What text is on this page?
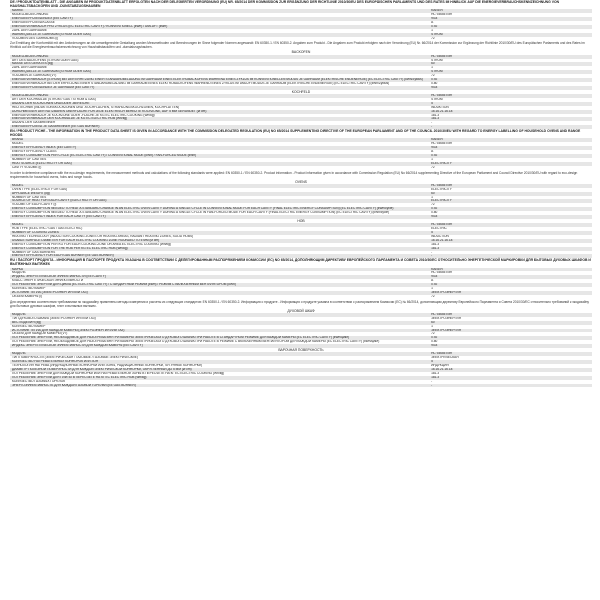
DE / PRODUKTDATENBLATT - DIE ANGABEN IM PRODUKTDATENBLATT ERFOLGTEN NACH DER DELEGIERTEN VERORDNUNG (EU) NR. 65/2014 DER KOMMISSION ZUR ERGÄNZUNG DER RICHTLINIE 2010/30/EU DES EUROPÄISCHEN PARLAMENTS UND DES RATES IM HINBLICK AUF DIE ENERGIEVERBRAUCHSKENNZEICHNUNG VON HAUSHALTSBACKÖFEN UND -DUNSTABZUGSHAUBEN
MARKE	KAISER
MODELLBEZEICHNUNG	HC 93655 EIm
ENERGIEEFFIZIENZINDEX (EEI CAVITY)	94.8
ENERGIEEFFIZIENZKLASSE	A
ENERGIEVERBRAUCH PRO ZYKLUS (EC ELECTRIC CAVITY) / KONVENTIONELL (kWh) / UMLUFT (kWh)	0.92
ZAHL DER GARRÄUME	1
WÄRMEQUELLE JE GARRAUM (STROM ODER GAS)	STROM
VOLUMEN DES GARRAUMS (l)	72
Zur Ermittlung der Konformität mit den Anforderungen an die umweltgerechte Gestaltung wurden Messmethoden und Berechnungen im Sinne folgender Normen angewandt: EN 60350-1 / EN 60350-2. Angaben zum Produkt - Die Angaben zum Produkt erfolgten nach der Verordnung (EU) Nr. 66/2014 der Kommission zur Ergänzung der Richtlinie 2010/30/EU des Europäischen Parlaments und des Rates im Hinblick auf die Energieverbrauchskennzeichnung von Haushaltsbacköfen und -dunstabzugshauben.
BACKOFEN
MODELLBEZEICHNUNG	HC 93655 EIm
ART DES BACKOFENS (STROM ODER GAS)	STROM
MASSE DES GERÄTES (kg)	60
ZAHL DER GARRÄUME	1
WÄRMEQUELLE JE GARRAUM (STROM ODER GAS)	STROM
VOLUMEN JE GARRAUM (V l)	72
ENERGIEVERBRAUCH (STROM) BEI DER ERHITZUNG EINER STANDARDBELADUNG IM GARRAUM EINES ELEKTROBACKOFENS WÄHREND EINES ZYKLUS IM KONVENTIONELLEN MODUS JE GARRAUM (ELEKTRISCHE ENDENERGIE) (EC ELECTRIC CAVITY) (kWh/Zyklus)	0.92
ENERGIEVERBRAUCH BEI DER ERHITZUNG EINER STANDARDBELADUNG IM GARRAUM EINES ELEKTROBACKOFENS WÄHREND EINES ZYKLUS IM UMLUFTMODUS JE GARRAUM (ELEKTRISCHE ENDENERGIE) (EC ELECTRIC CAVITY) (kWh/Zyklus)	0.80
ENERGIEEFFIZIENZINDEX JE GARRAUM (EEI CAVITY)	94.8
KOCHFELD
MODELLBEZEICHNUNG	HC 93655 EIm
ART DER KOCHMULDE (STROM / GAS / STROM & GAS)	STROM
ANZAHL DER KOCHZONEN UND/ODER -BEREICHE	5
HEIZTECHNIK (INDUKTIONSKOCHZONEN UND -KOCHFLÄCHEN, STRAHLUNGSKOCHZONEN, KOCHPLATTEN)	INDUKTION
DURCHMESSER DER NUTZBAREN OBERFLÄCHE FÜR JEDE ELEKTRISCH BEHEIZTE KOCHZONE, AUF 5 MM GERUNDET (Ø cm)	16.16.21.16.18
ENERGIEVERBRAUCH JE KOCHZONE ODER -FLÄCHE JE KG EC ELECTRIC COOKING (Wh/kg)	181.3
ENERGIEVERBRAUCH DER KOCHMULDE JE KG EC ELECTRIC HOB (Wh/kg)	181.3
ANZAHL DER GASBRENNER	-
ENERGIEEFFIZIENZ JE GASBRENNER (EE GAS BURNER)	-
EN / PRODUCT FICHE - THE INFORMATION IN THE PRODUCT DATA SHEET IS GIVEN IN ACCORDANCE WITH THE COMMISSION DELEGATED REGULATION (EU) NO 65/2014 SUPPLEMENTING DIRECTIVE OF THE EUROPEAN PARLIAMENT AND OF THE COUNCIL 2010/30/EU WITH REGARD TO ENERGY LABELLING OF HOUSEHOLD OVENS AND RANGE HOODS
BRAND	KAISER
MODEL	HC 93655 EIm
ENERGY EFFICIENCY INDEX (EEI CAVITY)	94.8
ENERGY EFFICIENCY CLASS	A
ENERGY CONSUMPTION PER CYCLE (EC ELECTRIC CAVITY) / CONVENTIONAL MODE (kWh) / FAN-FORCED MODE (kWh)	0.92
NUMBER OF CAVITIES	1
HEAT SOURCE (ELECTRICITY OR GAS)	ELECTRICITY
CAVITY VOLUME (l)	72
In order to determine compliance with the eco-design requirements, the measurement methods and calculations of the following standards were applied: EN 60350-1 / EN 60350-2. Product information - Product information given in accordance with Commission Regulation (EU) No 66/2014 supplementing Directive of the European Parliament and Council Directive 2010/30/EU with regard to eco-design requirements for household ovens, hobs and range hoods.
OVENS
MODEL	HC 93655 EIm
OVEN TYPE (ELECTRICITY OR GAS)	ELECTRICITY
APPLIANCE WEIGHT (kg)	60
NUMBER OF CAVITIES	1
SOURCE OF HEAT FOR EACH CAVITY (ELECTRICITY OR GAS)	ELECTRICITY
VOLUME OF EACH CAVITY (l)	72
ENERGY CONSUMPTION NEEDED TO HEAT A STANDARD CHANGE IN AN ELECTRIC OVEN CAVITY DURING A SINGLE CYCLE IN CONVENTIONAL MODE FOR EACH CAVITY (FINAL ELECTRIC ENERGY CONSUMPTION) (EC ELECTRIC CAVITY) (kWh/cycle)	0.92
ENERGY CONSUMPTION NEEDED TO HEAT A STANDARD CHANGE IN AN ELECTRIC OVEN CAVITY DURING A SINGLE CYCLE IN FAN-FORCED MODE FOR EACH CAVITY (FINAL ELECTRIC ENERGY CONSUMPTION) (EC ELECTRIC CAVITY) (kWh/cycle)	0.80
ENERGY EFFICIENCY INDEX FOR EACH CAVITY (EEI CAVITY)	94.8
HOB
MODEL	HC 93655 EIm
HOB TYPE (ELECTRIC / GAS / GAS ELECTRIC)	ELECTRIC
NUMBER OF COOKING ZONES	5
HEATING TECHNOLOGY (INDUCTION COOKING ZONES OR HEATING AREAS, RADIANT HEATING ZONES, SOLID HOBS)	INDUCTION
USABLE SURFACE DIAMETER FOR EACH ELECTRIC COOKING ZONE ROUNDED TO 5 MM (Ø cm)	16.16.21.16.18
ENERGY CONSUMPTION PER KG FOR EACH COOKING ZONE OR AREA EC ELECTRIC COOKING (Wh/kg)	181.3
ENERGY CONSUMPTION FOR THE HOB PER KG EC ELECTRIC HOB (Wh/kg)	181.3
NUMBER OF GAS BURNERS	-
ENERGY EFFICIENCY FOR EACH GAS BURNER (EE GAS BURNER)	-
RU / ПАСПОРТ ПРОДУКТА - ИНФОРМАЦИЯ В ПАСПОРТЕ ПРОДУКТА УКАЗАНА В СООТВЕТСТВИИ С ДЕЛЕГИРОВАННЫМ РАСПОРЯЖЕНИЕМ КОМИССИИ (ЕС) NO 65/2014, ДОПОЛНЯЮЩИМ ДИРЕКТИВУ ЕВРОПЕЙСКОГО ПАРЛАМЕНТА И СОВЕТА 2010/30/ЕС ОТНОСИТЕЛЬНО ЭНЕРГЕТИЧЕСКОЙ МАРКИРОВКИ ДЛЯ БЫТОВЫХ ДУХОВЫХ ШКАФОВ И ВЫТЯЖНЫХ ВЫТЯЖЕК
МАРКА	KAISER
МОДЕЛЬ	HC 93655 EIm
ИНДЕКС ЭНЕРГЕТИЧЕСКОЙ ЭФФЕКТИВНОСТИ (EEI CAVITY)	94.8
КЛАСС ЭНЕРГЕТИЧЕСКОЙ ЭФФЕКТИВНОСТИ	A
ПОТРЕБЛЕНИЕ ЭНЕРГИИ ДЛЯ ЦИКЛА (EC ELECTRIC CAVITY) / СТАНДАРТНЫЙ РЕЖИМ (kWh) / РЕЖИМ С ВКЛЮЧЕННЫМ ВЕНТИЛЯТОРОМ (kWh)	0.92
КОЛИЧЕСТВО КАМЕР	1
ИСТОЧНИК ТЕПЛА (ЭЛЕКТРОЭНЕРГИЯ ИЛИ ГАЗ)	ЭЛЕКТРОЭНЕРГИЯ
ОБЪЕМ КАМЕРЫ (l)	72
Для определения соответствия требованиям по экодизайну применены методы измерения и расчеты из следующих стандартов: EN 60350-1 / EN 60350-2. Информация о продукте - Информация о продукте указана в соответствии с распоряжением Комиссии (ЕС) № 66/2014, дополняющим директиву Европейского Парламента и Совета 2010/30/ЕС относительно требований к экодизайну для бытовых духовых шкафов, плит и вытяжных вытяжек.
ДУХОВОЙ ШКАФ
МОДЕЛЬ	HC 93655 EIm
ТИП ДУХОВОГО ШКАФА (ЭЛЕКТРОЭНЕРГИЯ ИЛИ ГАЗ)	ЭЛЕКТРОЭНЕРГИЯ
ВЕС ИЗДЕЛИЯ (kg)	60
КОЛИЧЕСТВО КАМЕР	1
ИСТОЧНИК ТЕПЛА ДЛЯ КАЖДОЙ КАМЕРЫ (ЭЛЕКТРОЭНЕРГИЯ ИЛИ ГАЗ)	ЭЛЕКТРОЭНЕРГИЯ
ОБЪЕМ ДЛЯ КАЖДОЙ КАМЕРЫ (V l)	72
ПОТРЕБЛЕНИЕ ЭНЕРГИИ, НЕОБХОДИМОЕ ДЛЯ РАЗОГРЕВА ВНУТРИ КАМЕРЫ ЭЛЕКТРИЧЕСКОГО ДУХОВОГО ШКАФА ПРИ РАБОТЕ В СТАНДАРТНОМ РЕЖИМЕ ДЛЯ КАЖДОЙ КАМЕРЫ (EC ELECTRIC CAVITY) (kWh/цикл)	0.92
ПОТРЕБЛЕНИЕ ЭНЕРГИИ, НЕОБХОДИМОЕ ДЛЯ РАЗОГРЕВА ВНУТРИ КАМЕРЫ ЭЛЕКТРИЧЕСКОГО ДУХОВОГО ШКАФА ПРИ РАБОТЕ В РЕЖИМЕ С ВКЛЮЧЕННЫМ ВЕНТИЛЯТОРОМ ДЛЯ КАЖДОЙ КАМЕРЫ (EC ELECTRIC CAVITY) (kWh/цикл)	0.80
ИНДЕКС ЭНЕРГЕТИЧЕСКОЙ ЭФФЕКТИВНОСТИ ДЛЯ КАЖДОЙ КАМЕРЫ (EEI CAVITY)	94.8
ВАРОЧНАЯ ПОВЕРХНОСТЬ
МОДЕЛЬ	HC 93655 EIm
ТИП ПОВЕРХНОСТИ (ЭЛЕКТРИЧЕСКАЯ / ГАЗОВЫЕ / ГАЗОВЫЕ ЭЛЕКТРИЧЕСКИЕ)	ЭЛЕКТРИЧЕСКАЯ
КОЛИЧЕСТВО НАГРЕВАТЕЛЬНЫХ КОНФОРОК ИЛИ ЗОН	5
ТЕХНОЛОГИЯ НАГРЕВА (ИНДУКЦИОННЫЕ КОНФОРКИ ИЛИ ЗОНЫ, РАДИАЦИОННЫЕ КОНФОРКИ, ЧУГУННЫЕ КОНФОРКИ)	ИНДУКЦИЯ
ДИАМЕТР ПОЛЕЗНОЙ ПОВЕРХНОСТИ ДЛЯ КАЖДОЙ ЭЛЕКТРИЧЕСКОЙ КОНФОРКИ, ОКРУГЛЕННЫЙ ДО 5 ММ (Ø cm)	16.16.21.16.18
ПОТРЕБЛЕНИЕ ЭНЕРГИИ ДЛЯ КАЖДОЙ КОНФОРКИ ИЛИ НАГРЕВАТЕЛЬНОЙ ЗОНЫ В ПЕРЕСЧЕТЕ НА КГ EC ELECTRIC COOKING (Wh/kg)	181.3
ПОТРЕБЛЕНИЕ ЭНЕРГИИ ДЛЯ ПЛИТЫ В ПЕРЕСЧЕТЕ НА КГ EC ELECTRIC HOB (Wh/kg)	181.3
КОЛИЧЕСТВО ГАЗОВЫХ ГОРЕЛОК	-
ЭНЕРГОЭФФЕКТИВНОСТЬ ДЛЯ КАЖДОЙ ГАЗОВОЙ ГОРЕЛКИ (EE GAS BURNER)	-
